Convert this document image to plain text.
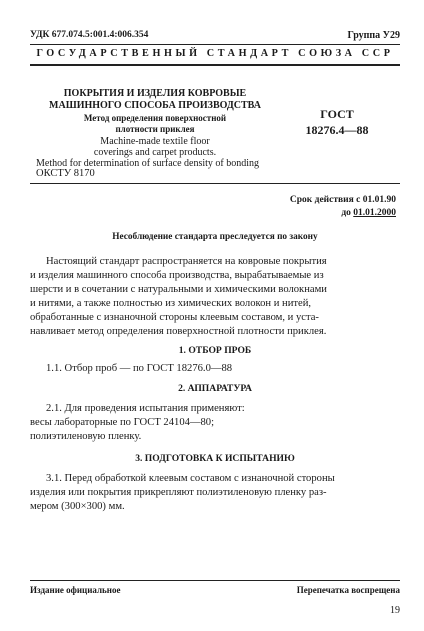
УДК 677.074.5:001.4:006.354	Группа У29
ГОСУДАРСТВЕННЫЙ СТАНДАРТ СОЮЗА ССР
ПОКРЫТИЯ И ИЗДЕЛИЯ КОВРОВЫЕ
МАШИННОГО СПОСОБА ПРОИЗВОДСТВА
Метод определения поверхностной
плотности приклея
Machine-made textile floor
coverings and carpet products.
Method for determination of surface density of bonding
ГОСТ
18276.4—88
ОКСТУ 8170
Срок действия с 01.01.90
до 01.01.2000
Несоблюдение стандарта преследуется по закону
Настоящий стандарт распространяется на ковровые покрытия
и изделия машинного способа производства, вырабатываемые из
шерсти и в сочетании с натуральными и химическими волокнами
и нитями, а также полностью из химических волокон и нитей,
обработанные с изнаночной стороны клеевым составом, и уста-
навливает метод определения поверхностной плотности приклея.
1. ОТБОР ПРОБ
1.1. Отбор проб — по ГОСТ 18276.0—88
2. АППАРАТУРА
2.1. Для проведения испытания применяют:
весы лабораторные по ГОСТ 24104—80;
полиэтиленовую пленку.
3. ПОДГОТОВКА К ИСПЫТАНИЮ
3.1. Перед обработкой клеевым составом с изнаночной стороны
изделия или покрытия прикрепляют полиэтиленовую пленку раз-
мером (300×300) мм.
Издание официальное	Перепечатка воспрещена
19
